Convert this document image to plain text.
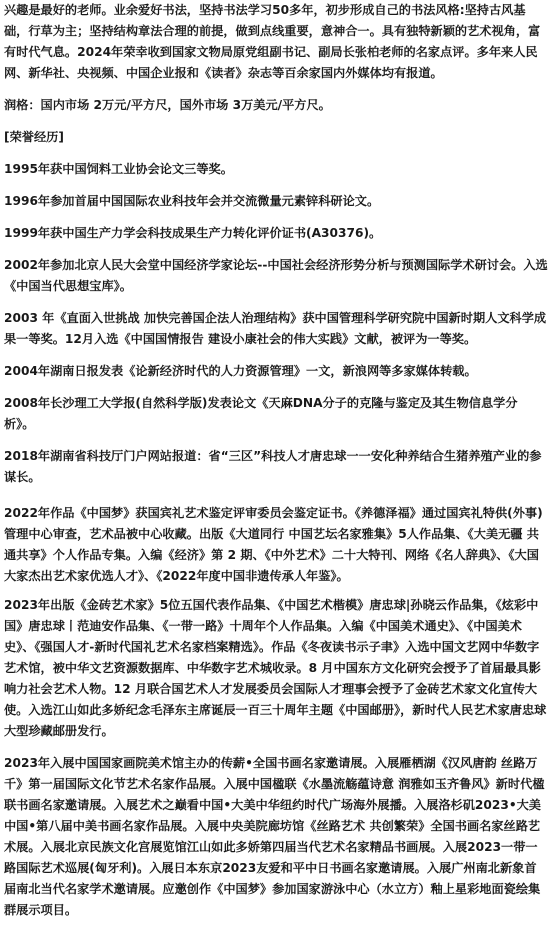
兴趣是最好的老师。业余爱好书法，坚持书法学习50多年，初步形成自己的书法风格:坚持古风基础，行草为主；坚持结构章法合理的前提，做到点线重要，意神合一。具有独特新颖的艺术视角，富有时代气息。2024年荣幸收到国家文物局原党组副书记、副局长张柏老师的名家点评。多年来人民网、新华社、央视频、中国企业报和《读者》杂志等百余家国内外媒体均有报道。

润格：国内市场 2万元/平方尺，国外市场 3万美元/平方尺。

[荣誉经历]

1995年获中国饲料工业协会论文三等奖。

1996年参加首届中国国际农业科技年会并交流微量元素锌科研论文。

1999年获中国生产力学会科技成果生产力转化评价证书(A30376)。

2002年参加北京人民大会堂中国经济学家论坛--中国社会经济形势分析与预测国际学术研讨会。入选《中国当代思想宝库》。

2003 年《直面入世挑战 加快完善国企法人治理结构》获中国管理科学研究院中国新时期人文科学成果一等奖。12月入选《中国国情报告 建设小康社会的伟大实践》文献，被评为一等奖。

2004年湖南日报发表《论新经济时代的人力资源管理》一文，新浪网等多家媒体转载。

2008年长沙理工大学报(自然科学版)发表论文《天麻DNA分子的克隆与鉴定及其生物信息学分析》。

2018年湖南省科技厅门户网站报道：省“三区”科技人才唐忠球一一安化种养结合生猪养殖产业的参谋长。

2022年作品《中国梦》获国宾礼艺术鉴定评审委员会鉴定证书。《养德泽福》通过国宾礼特供(外事)管理中心审查，艺术品被中心收藏。出版《大道同行 中国艺坛名家雅集》5人作品集、《大美无疆 共通共享》个人作品专集。入编《经济》第 2 期、《中外艺术》二十大特刊、网络《名人辞典》、《大国大家杰出艺术家优选人才》、《2022年度中国非遗传承人年鉴》。

2023年出版《金砖艺术家》5位五国代表作品集、《中国艺术楷模》唐忠球|孙晓云作品集，《炫彩中国》唐忠球丨范迪安作品集、《一带一路》十周年个人作品集。入编《中国美术通史》、《中国美术史》、《强国人才-新时代国礼艺术名家档案精选》。作品《冬夜读书示子聿》入选中国文艺网中华数字艺术馆，被中华文艺资源数据库、中华数字艺术城收录。8 月中国东方文化研究会授予了首届最具影响力社会艺术人物。12 月联合国艺术人才发展委员会国际人才理事会授予了金砖艺术家文化宣传大使。入选江山如此多娇纪念毛泽东主席诞辰一百三十周年主题《中国邮册》，新时代人民艺术家唐忠球大型珍藏邮册发行。

2023年入展中国国家画院美术馆主办的传薪•全国书画名家邀请展。入展雁栖湖《汉风唐韵 丝路万千》第一届国际文化节艺术名家作品展。入展中国楹联《水墨流觞蕴诗意 润雅如玉齐鲁风》新时代楹联书画名家邀请展。入展艺术之巅看中国•大美中华纽约时代广场海外展播。入展洛杉矶2023•大美中国•第八届中美书画名家作品展。入展中央美院廊坊馆《丝路艺术 共创繁荣》全国书画名家丝路艺术展。入展北京民族文化宫展览馆江山如此多娇第四届当代艺术名家精品书画展。入展2023一带一路国际艺术巡展(匈牙利)。入展日本东京2023友爱和平中日书画名家邀请展。入展广州南北新象首届南北当代名家学术邀请展。应邀创作《中国梦》参加国家游泳中心（水立方）釉上星彩地面瓷绘集群展示项目。
